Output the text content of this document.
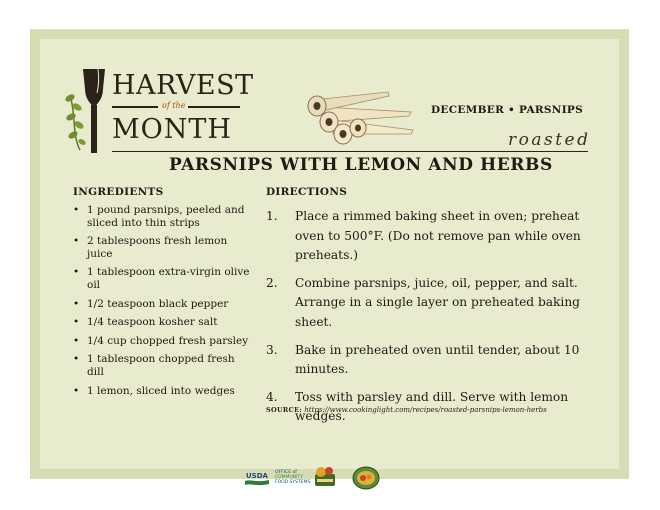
HARVEST
of the
MONTH
DECEMBER • PARSNIPS
roasted
PARSNIPS WITH LEMON AND HERBS
INGREDIENTS
• 1 pound parsnips, peeled and sliced into thin strips
• 2 tablespoons fresh lemon juice
• 1 tablespoon extra-virgin olive oil
• 1/2 teaspoon black pepper
• 1/4 teaspoon kosher salt
• 1/4 cup chopped fresh parsley
• 1 tablespoon chopped fresh dill
• 1 lemon, sliced into wedges
DIRECTIONS
1. Place a rimmed baking sheet in oven; preheat oven to 500°F. (Do not remove pan while oven preheats.)
2. Combine parsnips, juice, oil, pepper, and salt. Arrange in a single layer on preheated baking sheet.
3. Bake in preheated oven until tender, about 10 minutes.
4. Toss with parsley and dill. Serve with lemon wedges.
SOURCE: https://www.cookinglight.com/recipes/roasted-parsnips-lemon-herbs
USDA OFFICE of
COMMUNITY
FOOD SYSTEMS
